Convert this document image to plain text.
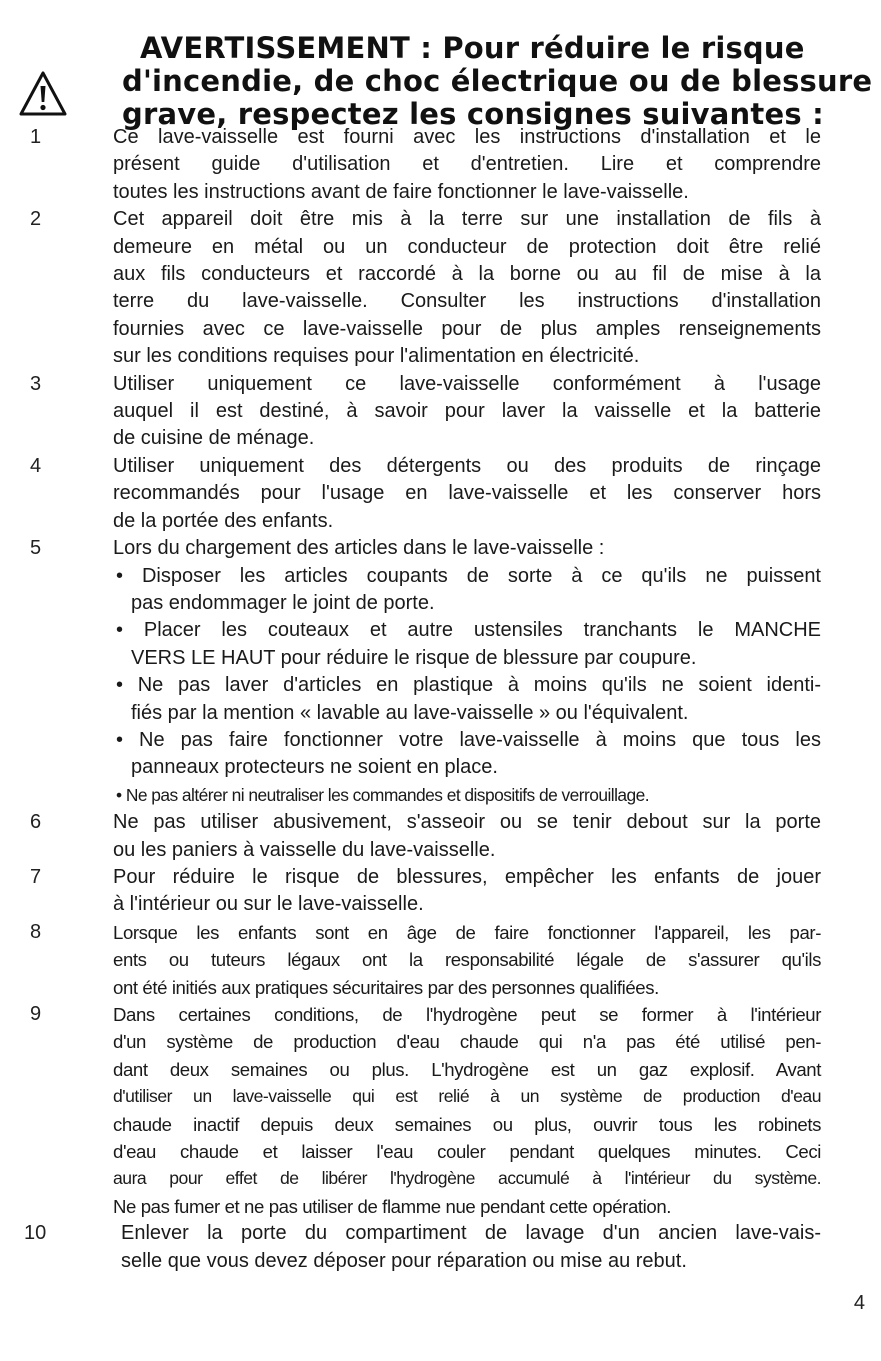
AVERTISSEMENT : Pour réduire le risque
d'incendie, de choc électrique ou de blessure
grave, respectez les consignes suivantes :
1	Ce lave-vaisselle est fourni avec les instructions d'installation et le
présent guide d'utilisation et d'entretien. Lire et comprendre
toutes les instructions avant de faire fonctionner le lave-vaisselle.
2	Cet appareil doit être mis à la terre sur une installation de fils à
demeure en métal ou un conducteur de protection doit être relié
aux fils conducteurs et raccordé à la borne ou au fil de mise à la
terre du lave-vaisselle. Consulter les instructions d'installation
fournies avec ce lave-vaisselle pour de plus amples renseignements
sur les conditions requises pour l'alimentation en électricité.
3	Utiliser uniquement ce lave-vaisselle conformément à l'usage
auquel il est destiné, à savoir pour laver la vaisselle et la batterie
de cuisine de ménage.
4	Utiliser uniquement des détergents ou des produits de rinçage
recommandés pour l'usage en lave-vaisselle et les conserver hors
de la portée des enfants.
5	Lors du chargement des articles dans le lave-vaisselle :
• Disposer les articles coupants de sorte à ce qu'ils ne puissent
pas endommager le joint de porte.
• Placer les couteaux et autre ustensiles tranchants le MANCHE
VERS LE HAUT pour réduire le risque de blessure par coupure.
• Ne pas laver d'articles en plastique à moins qu'ils ne soient identi-
fiés par la mention « lavable au lave-vaisselle » ou l'équivalent.
• Ne pas faire fonctionner votre lave-vaisselle à moins que tous les
panneaux protecteurs ne soient en place.
• Ne pas altérer ni neutraliser les commandes et dispositifs de verrouillage.
6	Ne pas utiliser abusivement, s'asseoir ou se tenir debout sur la porte
ou les paniers à vaisselle du lave-vaisselle.
7	Pour réduire le risque de blessures, empêcher les enfants de jouer
à l'intérieur ou sur le lave-vaisselle.
8	Lorsque les enfants sont en âge de faire fonctionner l'appareil, les par-
ents ou tuteurs légaux ont la responsabilité légale de s'assurer qu'ils
ont été initiés aux pratiques sécuritaires par des personnes qualifiées.
9	Dans certaines conditions, de l'hydrogène peut se former à l'intérieur
d'un système de production d'eau chaude qui n'a pas été utilisé pen-
dant deux semaines ou plus. L'hydrogène est un gaz explosif. Avant
d'utiliser un lave-vaisselle qui est relié à un système de production d'eau
chaude inactif depuis deux semaines ou plus, ouvrir tous les robinets
d'eau chaude et laisser l'eau couler pendant quelques minutes. Ceci
aura pour effet de libérer l'hydrogène accumulé à l'intérieur du système.
Ne pas fumer et ne pas utiliser de flamme nue pendant cette opération.
10	Enlever la porte du compartiment de lavage d'un ancien lave-vais-
selle que vous devez déposer pour réparation ou mise au rebut.
4
